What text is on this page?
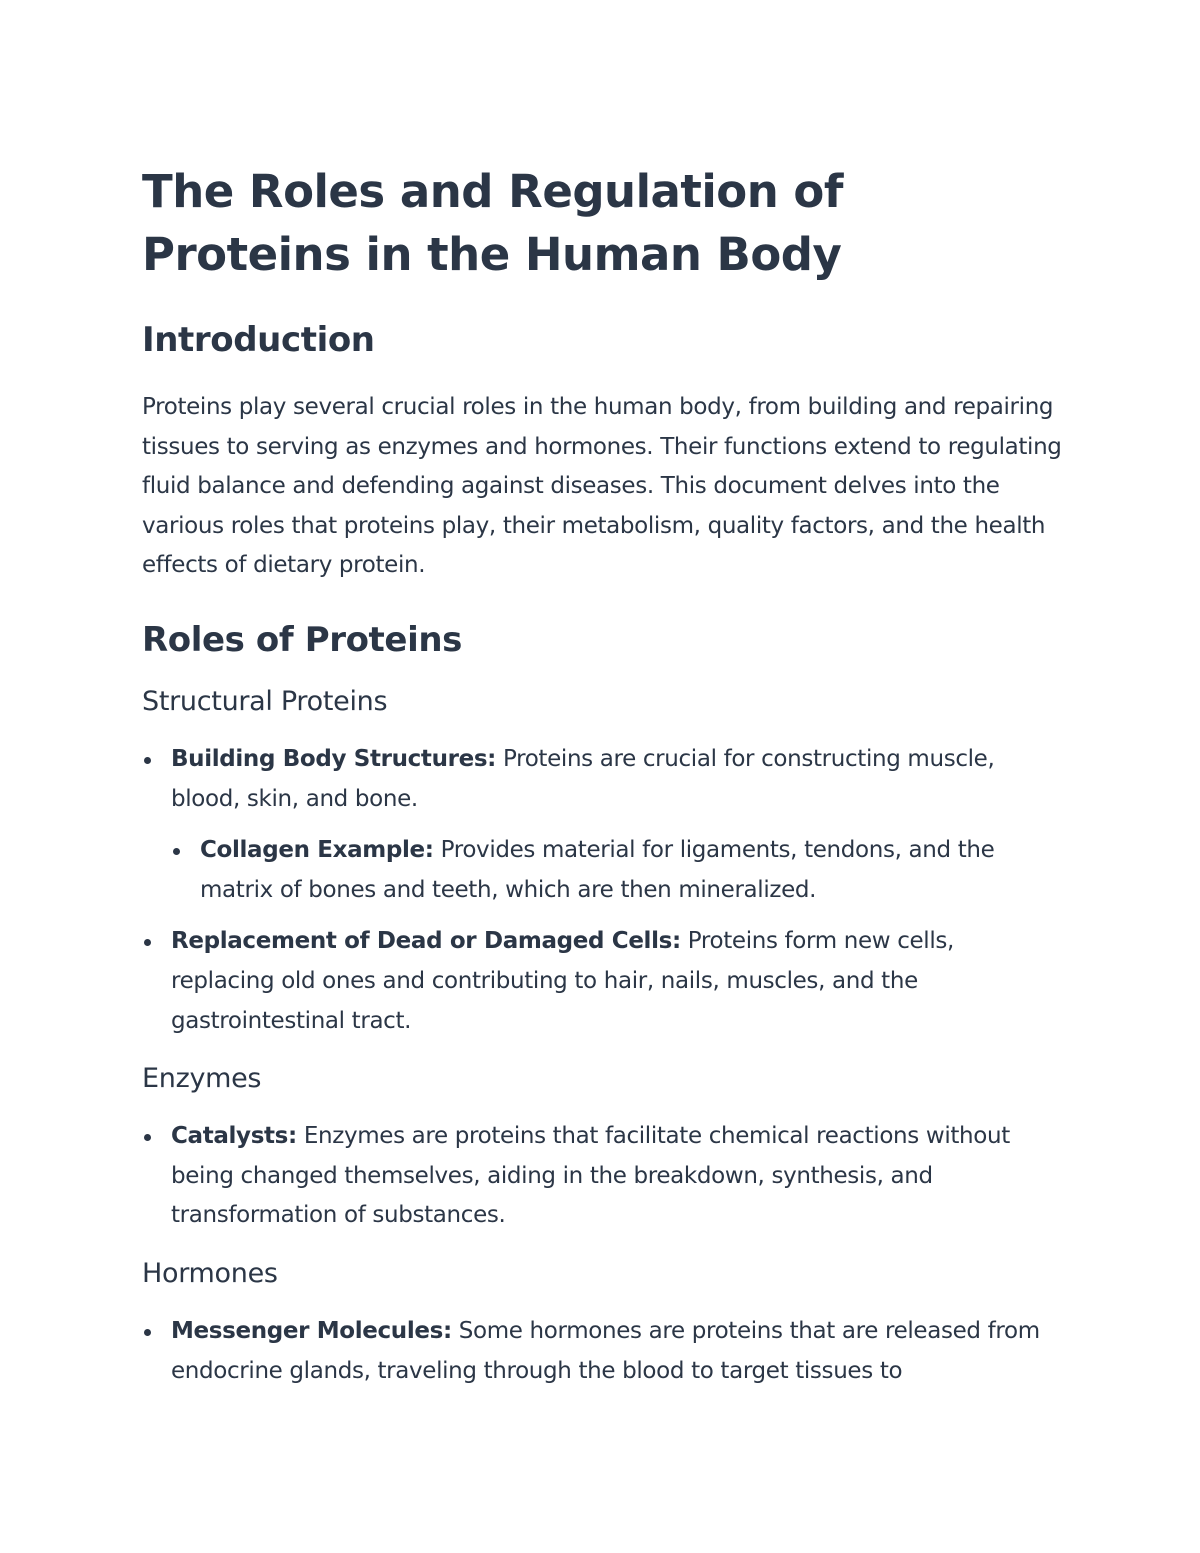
The Roles and Regulation of Proteins in the Human Body
Introduction

Proteins play several crucial roles in the human body, from building and repairing tissues to serving as enzymes and hormones. Their functions extend to regulating fluid balance and defending against diseases. This document delves into the various roles that proteins play, their metabolism, quality factors, and the health effects of dietary protein.

Roles of Proteins
Structural Proteins
Building Body Structures: Proteins are crucial for constructing muscle, blood, skin, and bone.
Collagen Example: Provides material for ligaments, tendons, and the matrix of bones and teeth, which are then mineralized.
Replacement of Dead or Damaged Cells: Proteins form new cells, replacing old ones and contributing to hair, nails, muscles, and the gastrointestinal tract.
Enzymes
Catalysts: Enzymes are proteins that facilitate chemical reactions without being changed themselves, aiding in the breakdown, synthesis, and transformation of substances.
Hormones
Messenger Molecules: Some hormones are proteins that are released from endocrine glands, traveling through the blood to target tissues to
